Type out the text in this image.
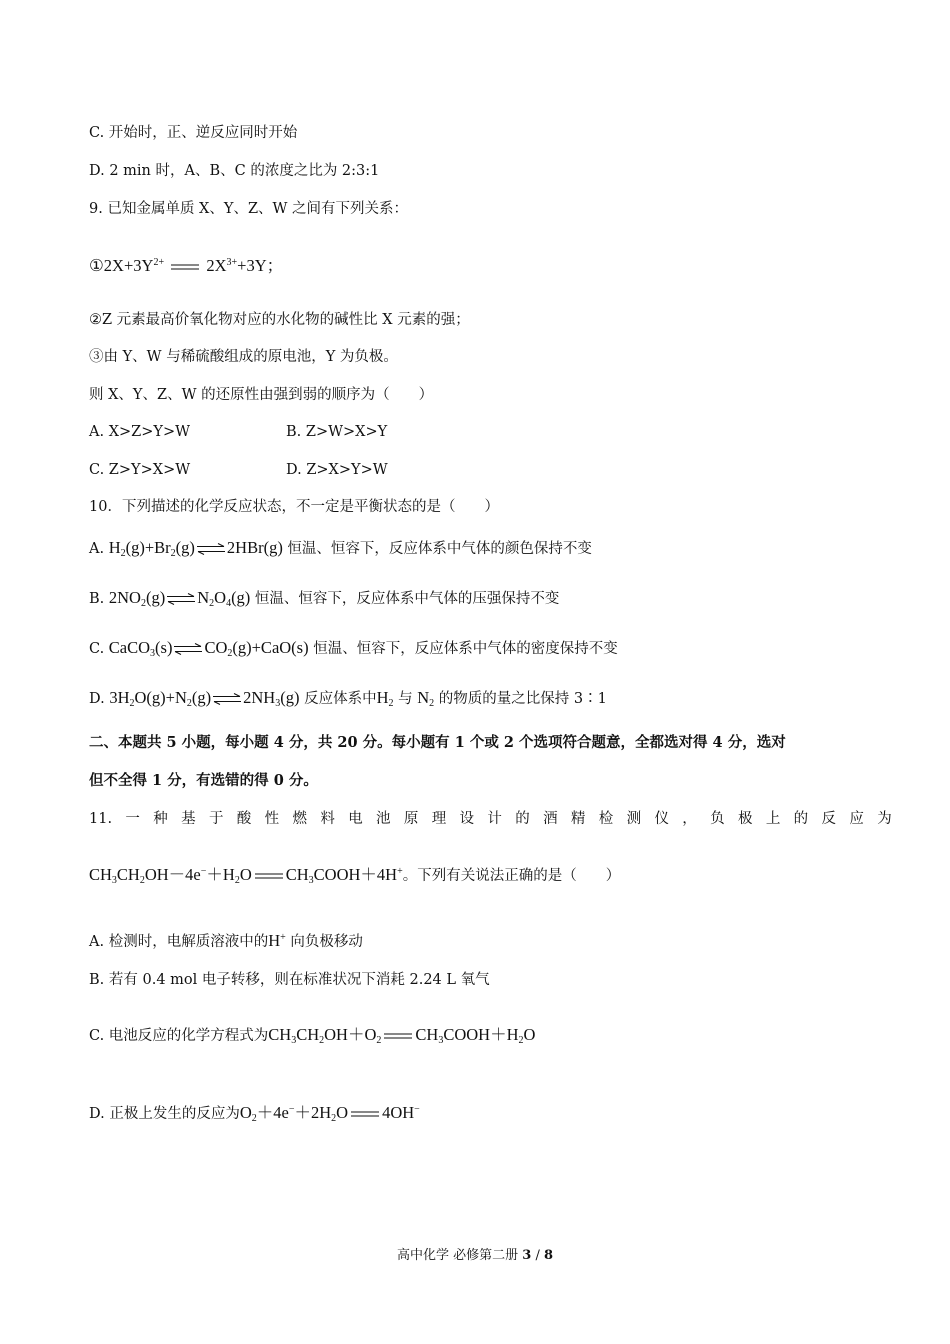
C. 开始时，正、逆反应同时开始
D. 2 min 时，A、B、C 的浓度之比为 2:3:1
9. 已知金属单质 X、Y、Z、W 之间有下列关系：
$①2X+3Y^{2+}$	$2X^{3+}+3Y$；
②Z 元素最高价氧化物对应的水化物的碱性比 X 元素的强；
③由 Y、W 与稀硫酸组成的原电池，Y 为负极。
则 X、Y、Z、W 的还原性由强到弱的顺序为（　　）
A. X>Z>Y>W	B. Z>W>X>Y
C. Z>Y>X>W	D. Z>X>Y>W
10．下列描述的化学反应状态，不一定是平衡状态的是（　　）
A. $H_2(g)+Br_2(g)\rightleftharpoons 2HBr(g)$ 恒温、恒容下，反应体系中气体的颜色保持不变
B. $2NO_2(g)\rightleftharpoons N_2O_4(g)$ 恒温、恒容下，反应体系中气体的压强保持不变
C. $CaCO_3(s)\rightleftharpoons CO_2(g)+CaO(s)$ 恒温、恒容下，反应体系中气体的密度保持不变
D. $3H_2O(g)+N_2(g)\rightleftharpoons 2NH_3(g)$ 反应体系中$H_2$ 与 $N_2$ 的物质的量之比保持 3∶1
二、本题共 5 小题，每小题 4 分，共 20 分。每小题有 1 个或 2 个选项符合题意，全都选对得 4 分，选对
但不全得 1 分，有选错的得 0 分。
11. 一 种 基 于 酸 性 燃 料 电 池 原 理 设 计 的 酒 精 检 测 仪 ， 负 极 上 的 反 应 为
$CH_3CH_2OH-4e^-+H_2O$ $CH_3COOH+4H^+$。下列有关说法正确的是（　　）
A. 检测时，电解质溶液中的H+ 向负极移动
B. 若有 0.4 mol 电子转移，则在标准状况下消耗 2.24 L 氧气
C. 电池反应的化学方程式为$CH_3CH_2OH+O_2$ $CH_3COOH+H_2O$
D. 正极上发生的反应为$O_2+4e^-+2H_2O$ 4OH−
高中化学 必修第二册 3 / 8
